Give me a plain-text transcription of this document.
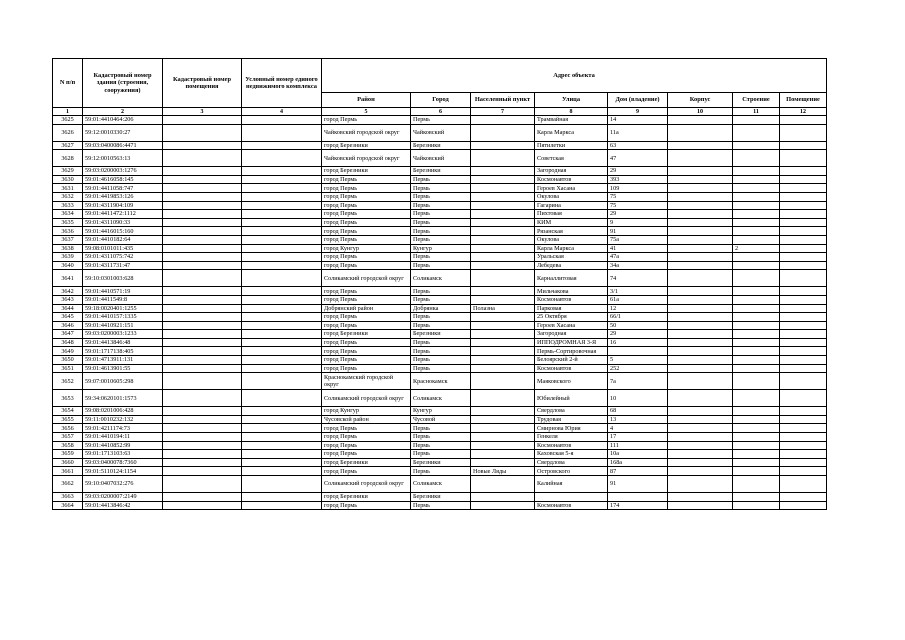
N п/п	Кадастровый номер здания (строения, сооружения)	Кадастровый номер помещения	Условный номер единого недвижимого комплекса	Адрес объекта							
				Район	Город	Населенный пункт	Улица	Дом (владение)	Корпус	Строение	Помещение
1	2	3	4	5	6	7	8	9	10	11	12
3625	59:01:4410464:206			город Пермь	Пермь		Трамвайная	14			
3626	59:12:0010330:27			Чайковский городской округ	Чайковский		Карла Маркса	11а			
3627	59:03:0400086:4471			город Березники	Березники		Пятилетки	63			
3628	59:12:0010563:13			Чайковский городской округ	Чайковский		Советская	47			
3629	59:03:0200003:1276			город Березники	Березники		Загородная	29			
3630	59:01:4616058:145			город Пермь	Пермь		Космонавтов	393			
3631	59:01:4411058:747			город Пермь	Пермь		Героев Хасана	109			
3632	59:01:4419853:126			город Пермь	Пермь		Окулова	75			
3633	59:01:4311904:109			город Пермь	Пермь		Гагарина	75			
3634	59:01:4411472:1112			город Пермь	Пермь		Пихтовая	29			
3635	59:01:4311090:33			город Пермь	Пермь		КИМ	9			
3636	59:01:4416015:160			город Пермь	Пермь		Рязанская	91			
3637	59:01:4410182:64			город Пермь	Пермь		Окулова	75а			
3638	59:08:0101011:435			город Кунгур	Кунгур		Карла Маркса	41		2	
3639	59:01:4311075:742			город Пермь	Пермь		Уральская	47а			
3640	59:01:4311731:47			город Пермь	Пермь		Лебедева	34а			
3641	59:10:0301003:628			Соликамский городской округ	Соликамск		Карналлитовая	74			
3642	59:01:4410571:19			город Пермь	Пермь		Мильчакова	3/1			
3643	59:01:4411549:8			город Пермь	Пермь		Космонавтов	61а			
3644	59:18:0020401:1255			Добрянский район	Добрянка	Полазна	Парковая	12			
3645	59:01:4410157:1335			город Пермь	Пермь		25 Октября	66/1			
3646	59:01:4410921:151			город Пермь	Пермь		Героев Хасана	50			
3647	59:03:0200003:1233			город Березники	Березники		Загородная	29			
3648	59:01:4413846:48			город Пермь	Пермь		ИППОДРОМНАЯ 3-Я	16			
3649	59:01:1717138:405			город Пермь	Пермь		Пермь-Сортировочная				
3650	59:01:4713911:131			город Пермь	Пермь		Белоярский 2-й	5			
3651	59:01:4613901:55			город Пермь	Пермь		Космонавтов	252			
3652	59:07:0010605:298			Краснокамский городской округ	Краснокамск		Маяковского	7а			
3653	59:34:0620101:1573			Соликамский городской округ	Соликамск		Юбилейный	10			
3654	59:08:0201006:428			город Кунгур	Кунгур		Свердлова	68			
3655	59:11:0010232:132			Чусовской район	Чусовой		Трудовая	13			
3656	59:01:4211174:73			город Пермь	Пермь		Смирнова Юрия	4			
3657	59:01:4410194:11			город Пермь	Пермь		Генкеля	17			
3658	59:01:4410852:99			город Пермь	Пермь		Космонавтов	111			
3659	59:01:1713103:63			город Пермь	Пермь		Каховская 5-я	10а			
3660	59:03:0400078:7360			город Березники	Березники		Свердлова	168а			
3661	59:01:5110124:1154			город Пермь	Пермь	Новые Ляды	Островского	87			
3662	59:10:0407032:276			Соликамский городской округ	Соликамск		Калийная	91			
3663	59:03:0200007:2149			город Березники	Березники						
3664	59:01:4413846:42			город Пермь	Пермь		Космонавтов	174			
